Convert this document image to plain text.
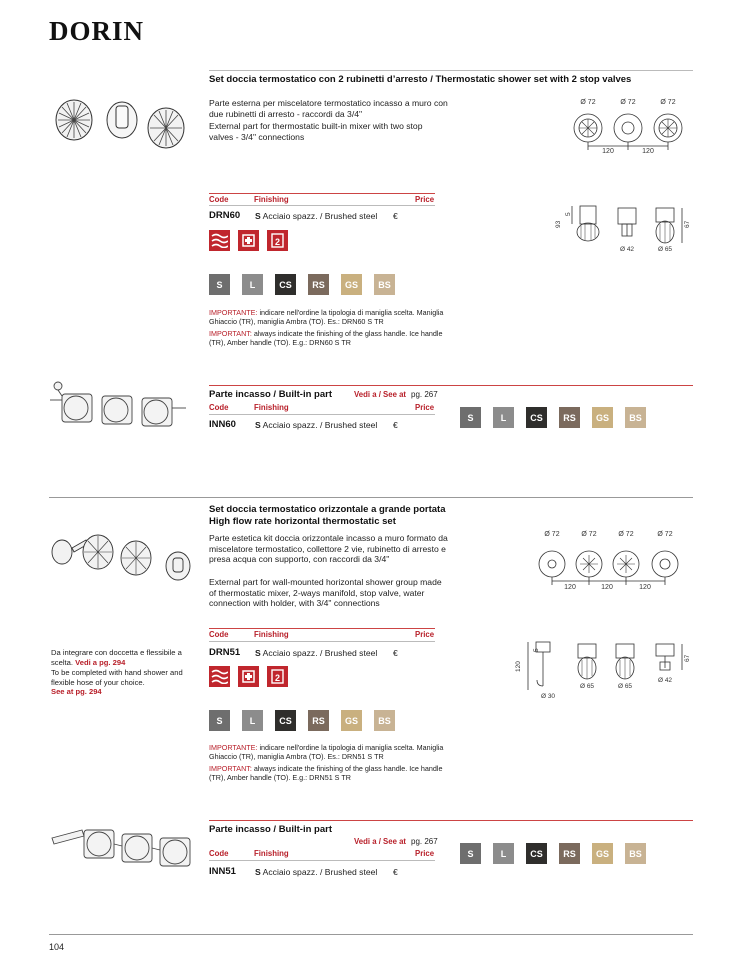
DORIN
Set doccia termostatico con 2 rubinetti d’arresto / Thermostatic shower set with 2 stop valves
Parte esterna per miscelatore termostatico incasso a muro con due rubinetti di arresto - raccordi da 3/4"
External part for thermostatic built-in mixer with two stop valves - 3/4" connections
Ø 72	Ø 72	Ø 72
120	120
Code	Finishing	Price
DRN60 S Acciaio spazz. / Brushed steel €	5
93	67
Ø 42	Ø 65
2
S	L	CS	RS	GS	BS
IMPORTANTE: indicare nell'ordine la tipologia di maniglia scelta. Maniglia Ghiaccio (TR), maniglia Ambra (TO). Es.: DRN60 S TR
IMPORTANT: always indicate the finishing of the glass handle. Ice handle (TR), Amber handle (TO). E.g.: DRN60 S TR
Parte incasso / Built-in part	Vedi a / See at pg. 267
Code	Finishing	Price
INN60 S Acciaio spazz. / Brushed steel €
S	L	CS	RS	GS	BS
Set doccia termostatico orizzontale a grande portata
High flow rate horizontal thermostatic set
Parte estetica kit doccia orizzontale incasso a muro formato da miscelatore termostatico, collettore 2 vie, rubinetto di arresto e presa acqua con supporto, con raccordi da 3/4"
External part for wall-mounted horizontal shower group made of thermostatic mixer, 2-ways manifold, stop valve, water connection with holder, with 3/4" connections
Ø 72	Ø 72	Ø 72	Ø 72
120	120	120
Code	Finishing	Price
DRN51 S Acciaio spazz. / Brushed steel €
Da integrare con doccetta e flessibile a scelta. Vedi a pg. 294
To be completed with hand shower and flexible hose of your choice.
See at pg. 294
5
120
67
Ø 30
Ø 65	Ø 65
Ø 42
2
S	L	CS	RS	GS	BS
IMPORTANTE: indicare nell'ordine la tipologia di maniglia scelta. Maniglia Ghiaccio (TR), maniglia Ambra (TO). Es.: DRN51 S TR
IMPORTANT: always indicate the finishing of the glass handle. Ice handle (TR), Amber handle (TO). E.g.: DRN51 S TR
Parte incasso / Built-in part
Vedi a / See at pg. 267
Code	Finishing	Price
INN51 S Acciaio spazz. / Brushed steel €
S	L	CS	RS	GS	BS
104
